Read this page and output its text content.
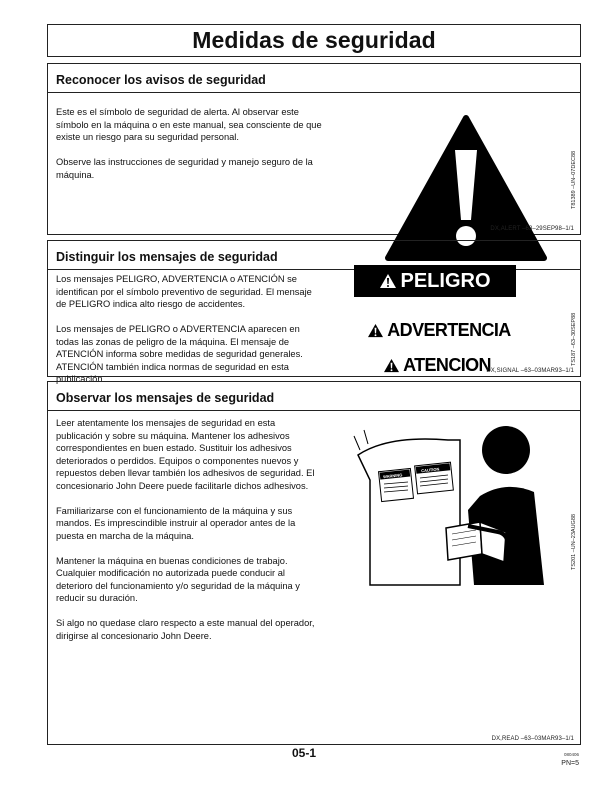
Medidas de seguridad
Reconocer los avisos de seguridad

Este es el símbolo de seguridad de alerta. Al observar este símbolo en la máquina o en este manual, sea consciente de que existe un riesgo para su seguridad personal.

Observe las instrucciones de seguridad y manejo seguro de la máquina.	T81389 –UN–07DEC88
DX,ALERT –63–29SEP98–1/1
Distinguir los mensajes de seguridad

Los mensajes PELIGRO, ADVERTENCIA o ATENCIÓN se identifican por el símbolo preventivo de seguridad. El mensaje de PELIGRO indica alto riesgo de accidentes.

Los mensajes de PELIGRO o ADVERTENCIA aparecen en todas las zonas de peligro de la máquina. El mensaje de ATENCIÓN informa sobre medidas de seguridad generales. ATENCIÓN también indica normas de seguridad en esta publicación.

PELIGRO
ADVERTENCIA
ATENCION	TS187 –63–30SEP88
DX,SIGNAL –63–03MAR93–1/1
Observar los mensajes de seguridad

Leer atentamente los mensajes de seguridad en esta publicación y sobre su máquina. Mantener los adhesivos correspondientes en buen estado. Sustituir los adhesivos deteriorados o perdidos. Equipos o componentes nuevos y repuestos deben llevar también los adhesivos de seguridad. El concesionario John Deere puede facilitarle dichos adhesivos.

Familiarizarse con el funcionamiento de la máquina y sus mandos. Es imprescindible instruir al operador antes de la puesta en marcha de la máquina.

Mantener la máquina en buenas condiciones de trabajo. Cualquier modificación no autorizada puede conducir al deterioro del funcionamiento y/o seguridad de la máquina y reducir su duración.

Si algo no quedase claro respecto a este manual del operador, dirigirse al concesionario John Deere.

WARNING
CAUTION
TS201 –UN–23AUG88
DX,READ –63–03MAR93–1/1
05-1	080406
PN=5
